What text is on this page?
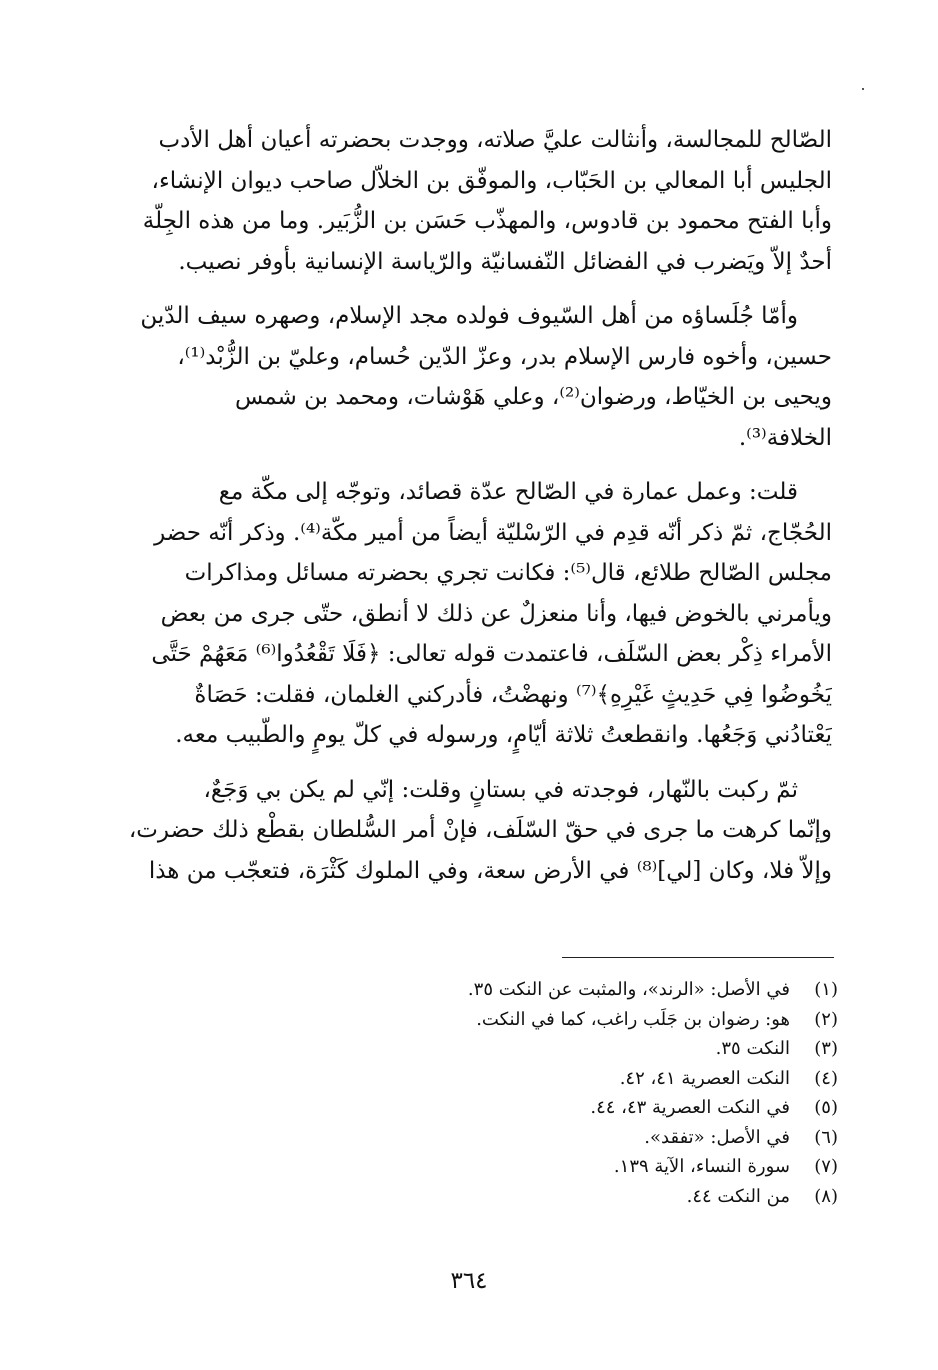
الصّالح للمجالسة، وأنثالت عليَّ صلاته، ووجدت بحضرته أعيان أهل الأدب
الجليس أبا المعالي بن الحَبّاب، والموفّق بن الخلاّل صاحب ديوان الإنشاء،
وأبا الفتح محمود بن قادوس، والمهذّب حَسَن بن الزُّبَير. وما من هذه الجِلّة
أحدٌ إلاّ ويَضرب في الفضائل النّفسانيّة والرّياسة الإنسانية بأوفر نصيب.

وأمّا جُلَساؤه من أهل السّيوف فولده مجد الإسلام، وصهره سيف الدّين
حسين، وأخوه فارس الإسلام بدر، وعزّ الدّين حُسام، وعليّ بن الزُّبْد⁽¹⁾،
ويحيى بن الخيّاط، ورضوان⁽²⁾، وعلي هَوْشات، ومحمد بن شمس
الخلافة⁽³⁾.

قلت: وعمل عمارة في الصّالح عدّة قصائد، وتوجّه إلى مكّة مع
الحُجّاج، ثمّ ذكر أنّه قدِم في الرّسْليّة أيضاً من أمير مكّة⁽⁴⁾. وذكر أنّه حضر
مجلس الصّالح طلائع، قال⁽⁵⁾: فكانت تجري بحضرته مسائل ومذاكرات
ويأمرني بالخوض فيها، وأنا منعزلٌ عن ذلك لا أنطق، حتّى جرى من بعض
الأمراء ذِكْر بعض السّلَف، فاعتمدت قوله تعالى: ﴿فَلَا تَقْعُدُوا⁽⁶⁾ مَعَهُمْ حَتَّى
يَخُوضُوا فِي حَدِيثٍ غَيْرِهِ﴾⁽⁷⁾ ونهضْتُ، فأدركني الغلمان، فقلت: حَصَاةٌ
يَعْتادُني وَجَعُها. وانقطعتُ ثلاثة أيّامٍ، ورسوله في كلّ يومٍ والطّبيب معه.

ثمّ ركبت بالنّهار، فوجدته في بستانٍ وقلت: إنّي لم يكن بي وَجَعٌ،
وإنّما كرهت ما جرى في حقّ السّلَف، فإنْ أمر السُّلطان بقطْع ذلك حضرت،
وإلاّ فلا، وكان [لي]⁽⁸⁾ في الأرض سعة، وفي الملوك كَثْرَة، فتعجّب من هذا

(١)
في الأصل: «الرند»، والمثبت عن النكت ٣٥.
(٢)
هو: رضوان بن جَلَب راغب، كما في النكت.
(٣)
النكت ٣٥.
(٤)
النكت العصرية ٤١، ٤٢.
(٥)
في النكت العصرية ٤٣، ٤٤.
(٦)
في الأصل: «تفقد».
(٧)
سورة النساء، الآية ١٣٩.
(٨)
من النكت ٤٤.
٣٦٤
